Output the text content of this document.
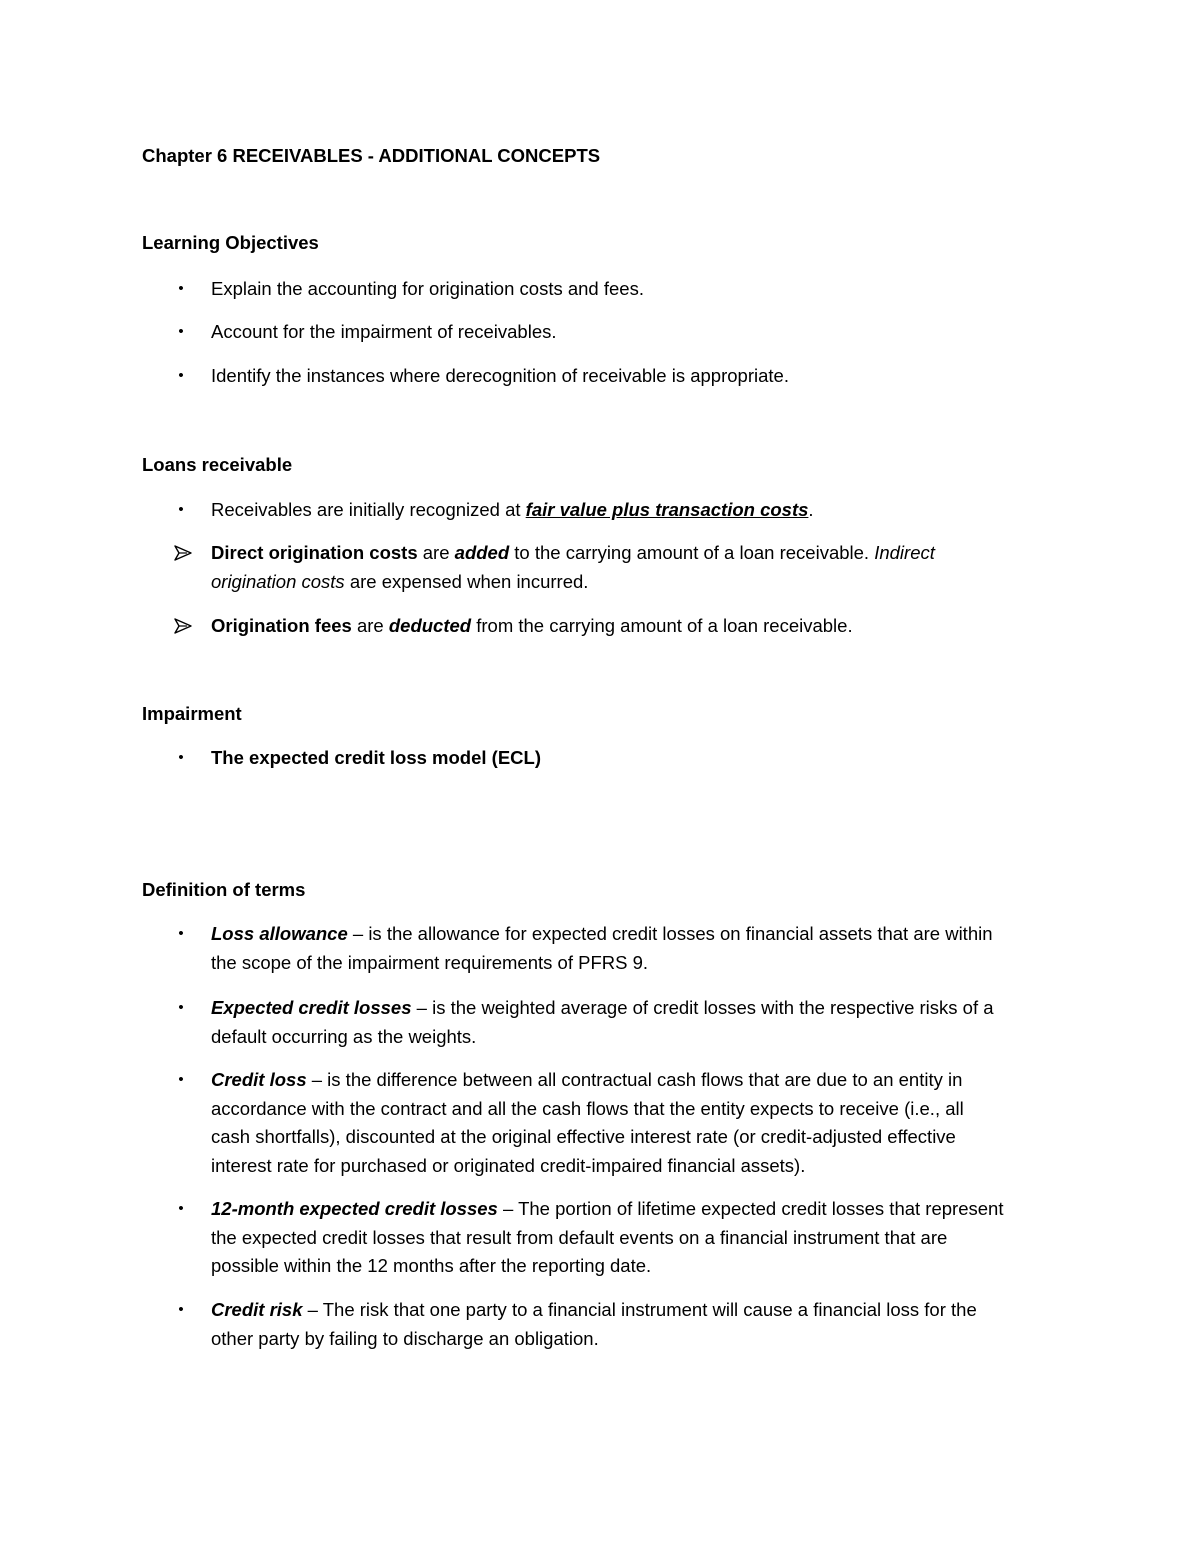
Chapter 6 RECEIVABLES - ADDITIONAL CONCEPTS
Learning Objectives
• Explain the accounting for origination costs and fees.
• Account for the impairment of receivables.
• Identify the instances where derecognition of receivable is appropriate.
Loans receivable
• Receivables are initially recognized at fair value plus transaction costs.
Direct origination costs are added to the carrying amount of a loan receivable. Indirect
origination costs are expensed when incurred.
Origination fees are deducted from the carrying amount of a loan receivable.
Impairment
• The expected credit loss model (ECL)
Definition of terms
• Loss allowance – is the allowance for expected credit losses on financial assets that are within
the scope of the impairment requirements of PFRS 9.
• Expected credit losses – is the weighted average of credit losses with the respective risks of a
default occurring as the weights.
• Credit loss – is the difference between all contractual cash flows that are due to an entity in
accordance with the contract and all the cash flows that the entity expects to receive (i.e., all
cash shortfalls), discounted at the original effective interest rate (or credit-adjusted effective
interest rate for purchased or originated credit-impaired financial assets).
• 12-month expected credit losses – The portion of lifetime expected credit losses that represent
the expected credit losses that result from default events on a financial instrument that are
possible within the 12 months after the reporting date.
• Credit risk – The risk that one party to a financial instrument will cause a financial loss for the
other party by failing to discharge an obligation.
